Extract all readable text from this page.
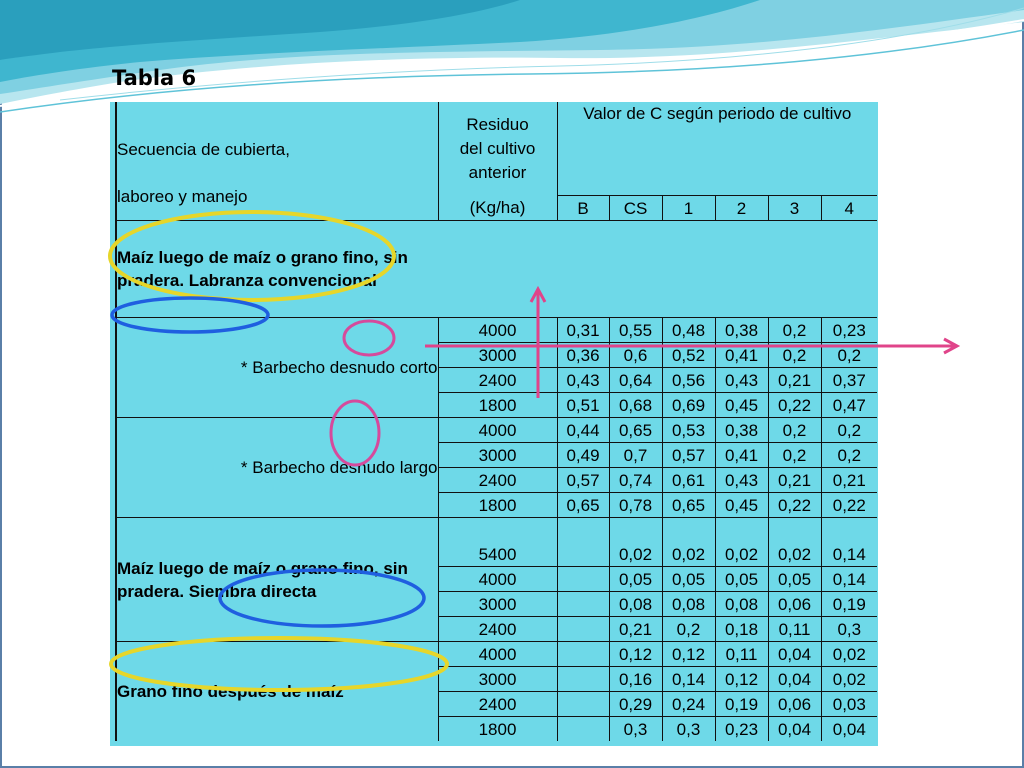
Tabla 6

	Secuencia de cubierta,
laboreo y manejo	Residuo del cultivo anterior	Valor de C según periodo de cultivo					

		(Kg/ha)	B	CS	1	2	3	4
	Maíz luego de maíz o grano fino, sin pradera. Labranza convencional							
	* Barbecho desnudo corto	4000	0,31	0,55	0,48	0,38	0,2	0,23
		3000	0,36	0,6	0,52	0,41	0,2	0,2
		2400	0,43	0,64	0,56	0,43	0,21	0,37
		1800	0,51	0,68	0,69	0,45	0,22	0,47
	* Barbecho desnudo largo	4000	0,44	0,65	0,53	0,38	0,2	0,2
		3000	0,49	0,7	0,57	0,41	0,2	0,2
		2400	0,57	0,74	0,61	0,43	0,21	0,21
		1800	0,65	0,78	0,65	0,45	0,22	0,22
	Maíz luego de maíz o grano fino, sin pradera. Siembra directa							
		5400		0,02	0,02	0,02	0,02	0,14
		4000		0,05	0,05	0,05	0,05	0,14
		3000		0,08	0,08	0,08	0,06	0,19
		2400		0,21	0,2	0,18	0,11	0,3
	Grano fino después de maíz	4000		0,12	0,12	0,11	0,04	0,02
		3000		0,16	0,14	0,12	0,04	0,02
		2400		0,29	0,24	0,19	0,06	0,03
		1800		0,3	0,3	0,23	0,04	0,04
